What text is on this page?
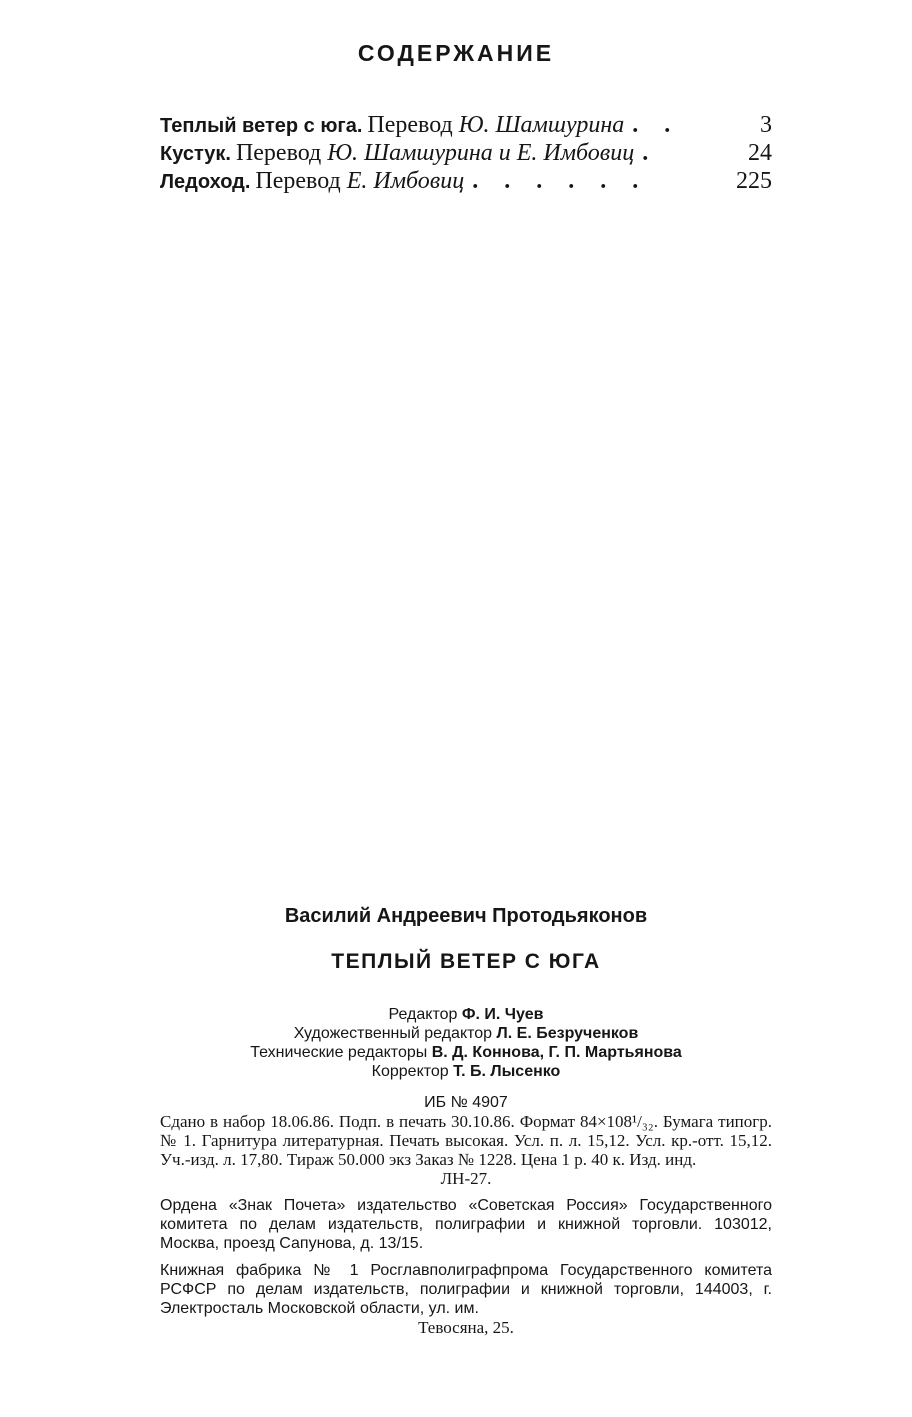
СОДЕРЖАНИЕ
Теплый ветер с юга. Перевод Ю. Шамшурина . .	3
Кустук. Перевод Ю. Шамшурина и Е. Имбовиц .	24
Ледоход. Перевод Е. Имбовиц . . . . . .	225
Василий Андреевич Протодьяконов
ТЕПЛЫЙ ВЕТЕР С ЮГА
Редактор Ф. И. Чуев
Художественный редактор Л. Е. Безрученков
Технические редакторы В. Д. Коннова, Г. П. Мартьянова
Корректор Т. Б. Лысенко
ИБ № 4907
Сдано в набор 18.06.86. Подп. в печать 30.10.86. Формат 84×108¹/₃₂. Бумага типогр. № 1. Гарнитура литературная. Печать высокая. Усл. п. л. 15,12. Усл. кр.-отт. 15,12. Уч.-изд. л. 17,80. Тираж 50.000 экз Заказ № 1228. Цена 1 р. 40 к. Изд. инд.
ЛН-27.
Ордена «Знак Почета» издательство «Советская Россия» Государственного комитета по делам издательств, полиграфии и книжной торговли. 103012, Москва, проезд Сапунова, д. 13/15.
Книжная фабрика № 1 Росглавполиграфпрома Государственного комитета РСФСР по делам издательств, полиграфии и книжной торговли, 144003, г. Электросталь Московской области, ул. им.
Тевосяна, 25.
